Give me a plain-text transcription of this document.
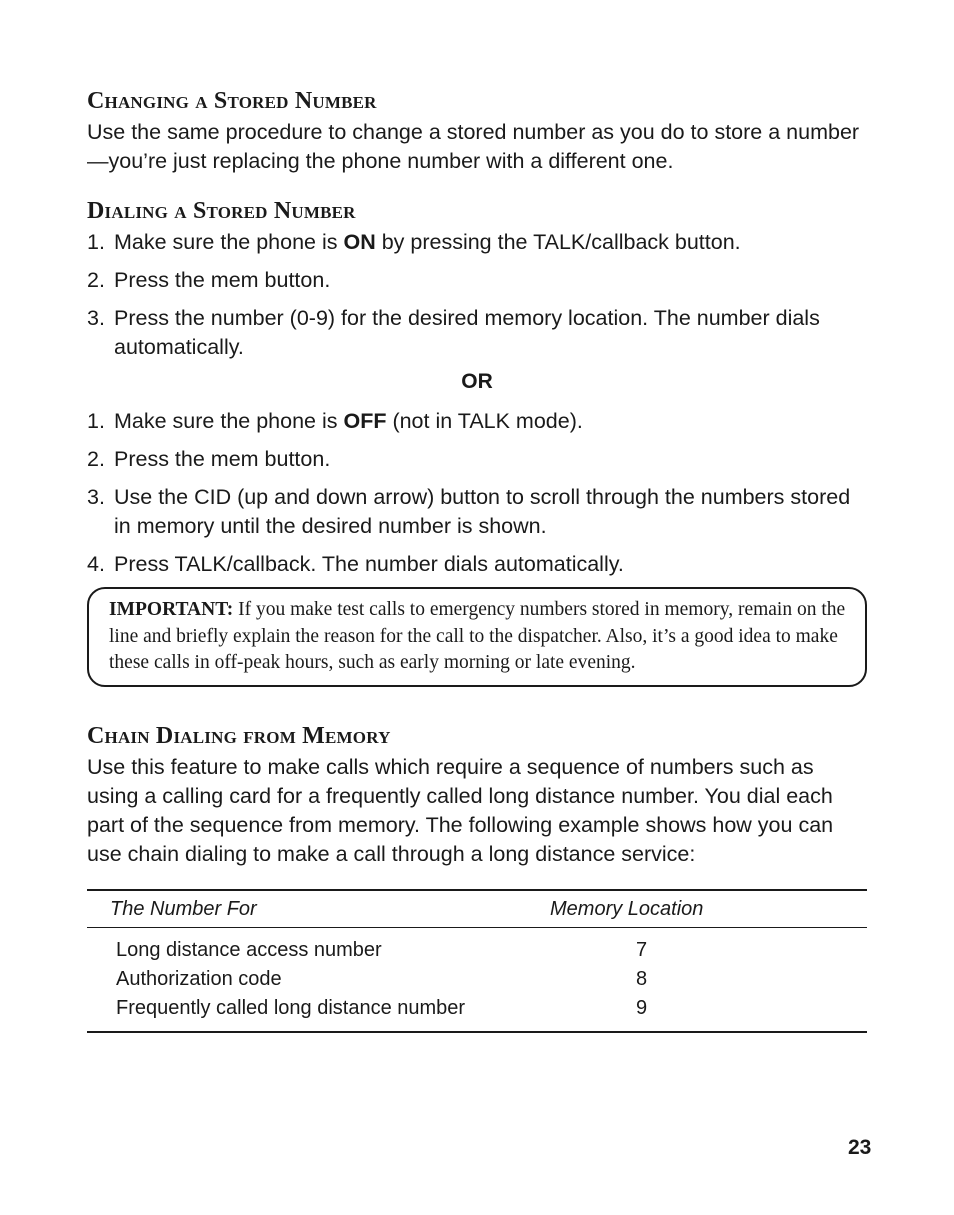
Changing a Stored Number

Use the same procedure to change a stored number as you do to store a number—you’re just replacing the phone number with a different one.

Dialing a Stored Number
1. Make sure the phone is ON by pressing the TALK/callback button.
2. Press the mem button.
3. Press the number (0-9) for the desired memory location. The number dials automatically.

OR

1. Make sure the phone is OFF (not in TALK mode).
2. Press the mem button.
3. Use the CID (up and down arrow) button to scroll through the numbers stored in memory until the desired number is shown.
4. Press TALK/callback. The number dials automatically.
IMPORTANT: If you make test calls to emergency numbers stored in memory, remain on the line and briefly explain the reason for the call to the dispatcher. Also, it’s a good idea to make these calls in off-peak hours, such as early morning or late evening.
Chain Dialing from Memory

Use this feature to make calls which require a sequence of numbers such as using a calling card for a frequently called long distance number. You dial each part of the sequence from memory. The following example shows how you can use chain dialing to make a call through a long distance service:

The Number For	Memory Location
Long distance access number	7
Authorization code	8
Frequently called long distance number	9
23
